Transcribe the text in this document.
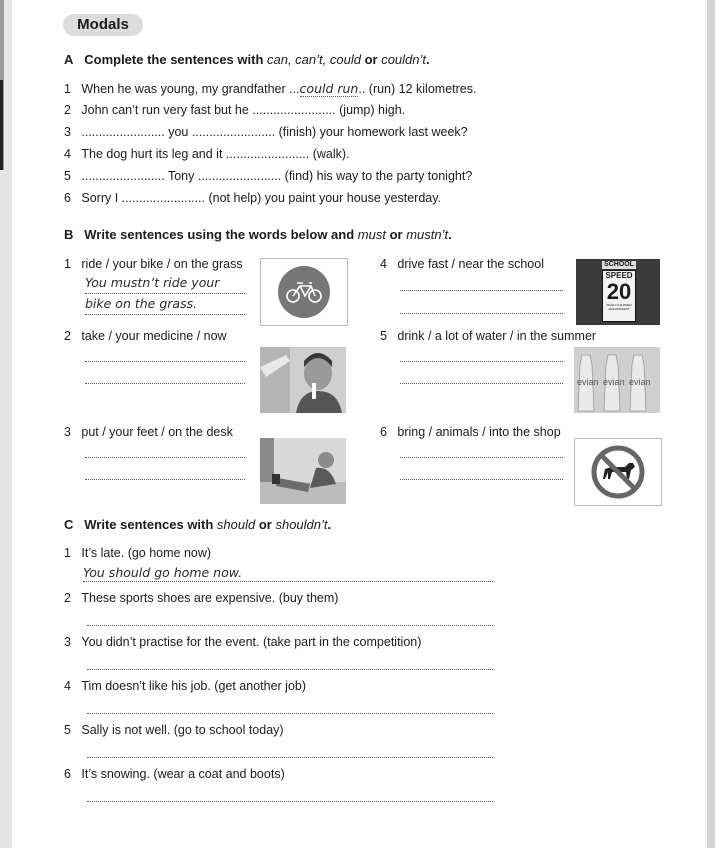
Modals
A Complete the sentences with can, can’t, could or couldn’t.
1 When he was young, my grandfather ...could run.. (run) 12 kilometres.
2 John can’t run very fast but he ........................ (jump) high.
3 ........................ you ........................ (finish) your homework last week?
4 The dog hurt its leg and it ........................ (walk).
5 ........................ Tony ........................ (find) his way to the party tonight?
6 Sorry I ........................ (not help) you paint your house yesterday.
B Write sentences using the words below and must or mustn’t.
1 ride / your bike / on the grass
You mustn’t ride your
bike on the grass.
2 take / your medicine / now
3 put / your feet / on the desk
4 drive fast / near the school	SCHOOL
SPEED
20
WHEN CHILDREN ARE PRESENT
5 drink / a lot of water / in the summer
evian evian evian
6 bring / animals / into the shop
C Write sentences with should or shouldn’t.
1 It’s late. (go home now)
You should go home now.
2 These sports shoes are expensive. (buy them)
3 You didn’t practise for the event. (take part in the competition)
4 Tim doesn’t like his job. (get another job)
5 Sally is not well. (go to school today)
6 It’s snowing. (wear a coat and boots)
